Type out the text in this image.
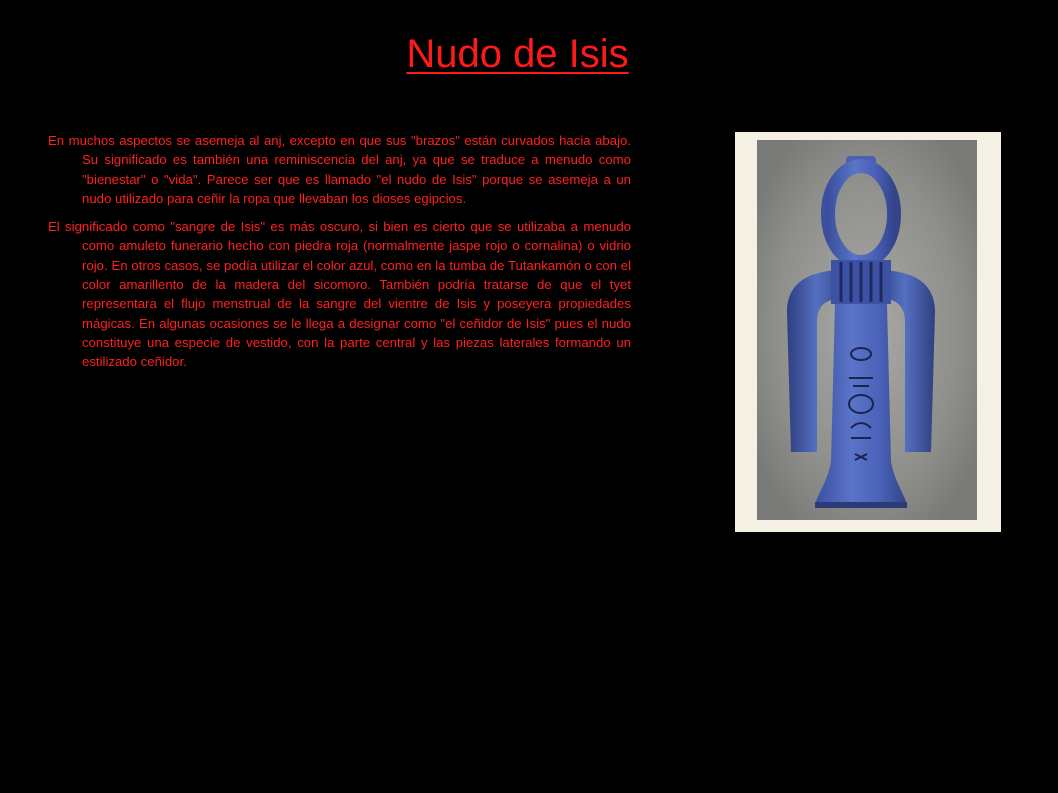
Nudo de Isis

En muchos aspectos se asemeja al anj, excepto en que sus "brazos" están curvados hacia abajo. Su significado es también una reminiscencia del anj, ya que se traduce a menudo como "bienestar" o "vida". Parece ser que es llamado "el nudo de Isis" porque se asemeja a un nudo utilizado para ceñir la ropa que llevaban los dioses egipcios.

El significado como "sangre de Isis" es más oscuro, si bien es cierto que se utilizaba a menudo como amuleto funerario hecho con piedra roja (normalmente jaspe rojo o cornalina) o vidrio rojo. En otros casos, se podía utilizar el color azul, como en la tumba de Tutankamón o con el color amarillento de la madera del sicomoro. También podría tratarse de que el tyet representara el flujo menstrual de la sangre del vientre de Isis y poseyera propiedades mágicas. En algunas ocasiones se le llega a designar como "el ceñidor de Isis" pues el nudo constituye una especie de vestido, con la parte central y las piezas laterales formando un estilizado ceñidor.
